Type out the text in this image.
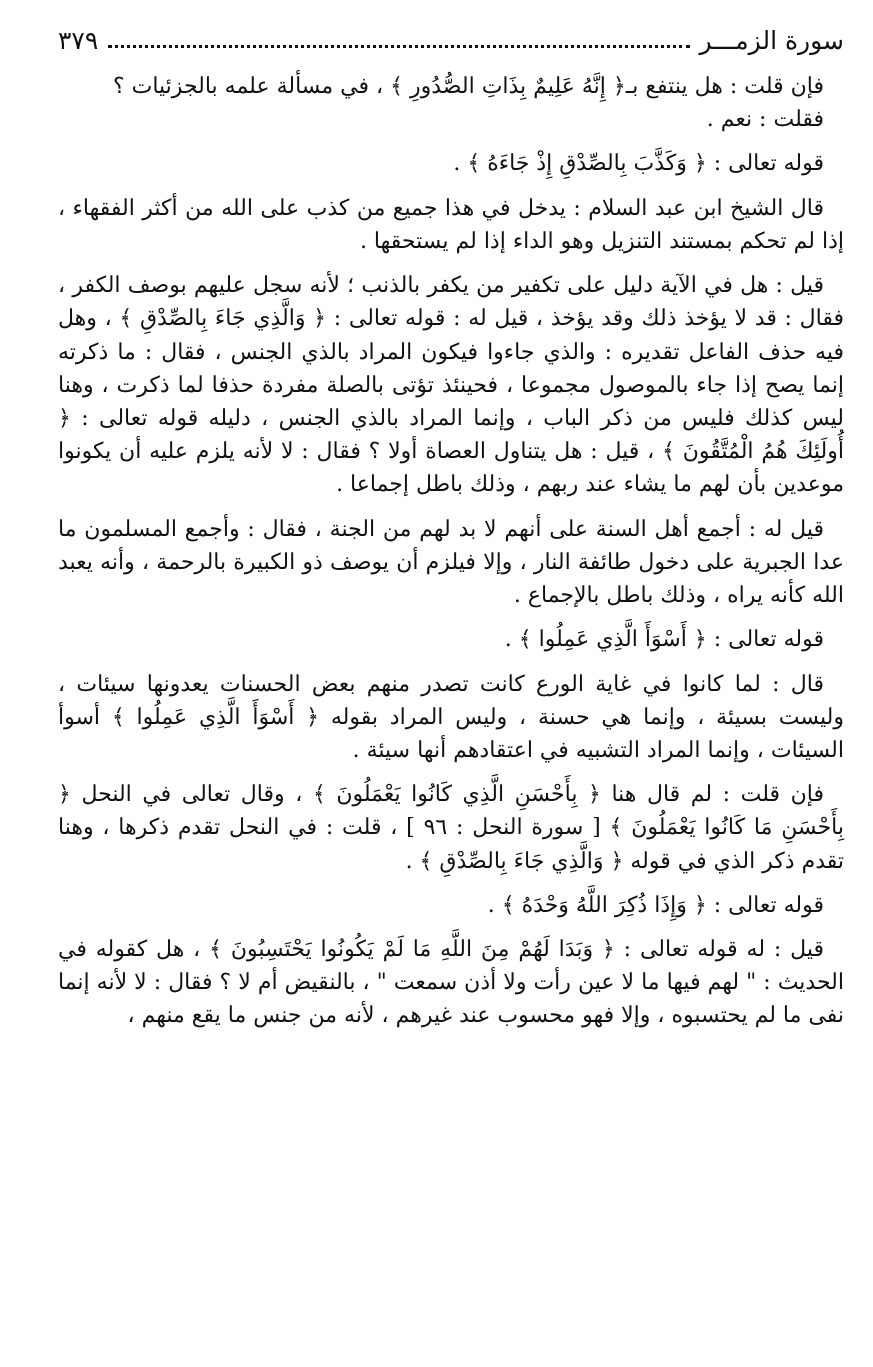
سورة الزمـــر
٣٧٩

فإن قلت : هل ينتفع بـ﴿ إِنَّهُ عَلِيمٌ بِذَاتِ الصُّدُورِ ﴾ ، في مسألة علمه بالجزئيات ؟

فقلت : نعم .

قوله تعالى : ﴿ وَكَذَّبَ بِالصِّدْقِ إِذْ جَاءَهُ ﴾ .

قال الشيخ ابن عبد السلام : يدخل في هذا جميع من كذب على الله من أكثر الفقهاء ، إذا لم تحكم بمستند التنزيل وهو الداء إذا لم يستحقها .

قيل : هل في الآية دليل على تكفير من يكفر بالذنب ؛ لأنه سجل عليهم بوصف الكفر ، فقال : قد لا يؤخذ ذلك وقد يؤخذ ، قيل له : قوله تعالى : ﴿ وَالَّذِي جَاءَ بِالصِّدْقِ ﴾ ، وهل فيه حذف الفاعل تقديره : والذي جاءوا فيكون المراد بالذي الجنس ، فقال : ما ذكرته إنما يصح إذا جاء بالموصول مجموعا ، فحينئذ تؤتى بالصلة مفردة حذفا لما ذكرت ، وهنا ليس كذلك فليس من ذكر الباب ، وإنما المراد بالذي الجنس ، دليله قوله تعالى : ﴿ أُولَئِكَ هُمُ الْمُتَّقُونَ ﴾ ، قيل : هل يتناول العصاة أولا ؟ فقال : لا لأنه يلزم عليه أن يكونوا موعدين بأن لهم ما يشاء عند ربهم ، وذلك باطل إجماعا .

قيل له : أجمع أهل السنة على أنهم لا بد لهم من الجنة ، فقال : وأجمع المسلمون ما عدا الجبرية على دخول طائفة النار ، وإلا فيلزم أن يوصف ذو الكبيرة بالرحمة ، وأنه يعبد الله كأنه يراه ، وذلك باطل بالإجماع .

قوله تعالى : ﴿ أَسْوَأَ الَّذِي عَمِلُوا ﴾ .

قال : لما كانوا في غاية الورع كانت تصدر منهم بعض الحسنات يعدونها سيئات ، وليست بسيئة ، وإنما هي حسنة ، وليس المراد بقوله ﴿ أَسْوَأَ الَّذِي عَمِلُوا ﴾ أسوأ السيئات ، وإنما المراد التشبيه في اعتقادهم أنها سيئة .

فإن قلت : لم قال هنا ﴿ بِأَحْسَنِ الَّذِي كَانُوا يَعْمَلُونَ ﴾ ، وقال تعالى في النحل ﴿ بِأَحْسَنِ مَا كَانُوا يَعْمَلُونَ ﴾ [ سورة النحل : ٩٦ ] ، قلت : في النحل تقدم ذكرها ، وهنا تقدم ذكر الذي في قوله ﴿ وَالَّذِي جَاءَ بِالصِّدْقِ ﴾ .

قوله تعالى : ﴿ وَإِذَا ذُكِرَ اللَّهُ وَحْدَهُ ﴾ .

قيل : له قوله تعالى : ﴿ وَبَدَا لَهُمْ مِنَ اللَّهِ مَا لَمْ يَكُونُوا يَحْتَسِبُونَ ﴾ ، هل كقوله في الحديث : " لهم فيها ما لا عين رأت ولا أذن سمعت " ، بالنقيض أم لا ؟ فقال : لا لأنه إنما نفى ما لم يحتسبوه ، وإلا فهو محسوب عند غيرهم ، لأنه من جنس ما يقع منهم ،
